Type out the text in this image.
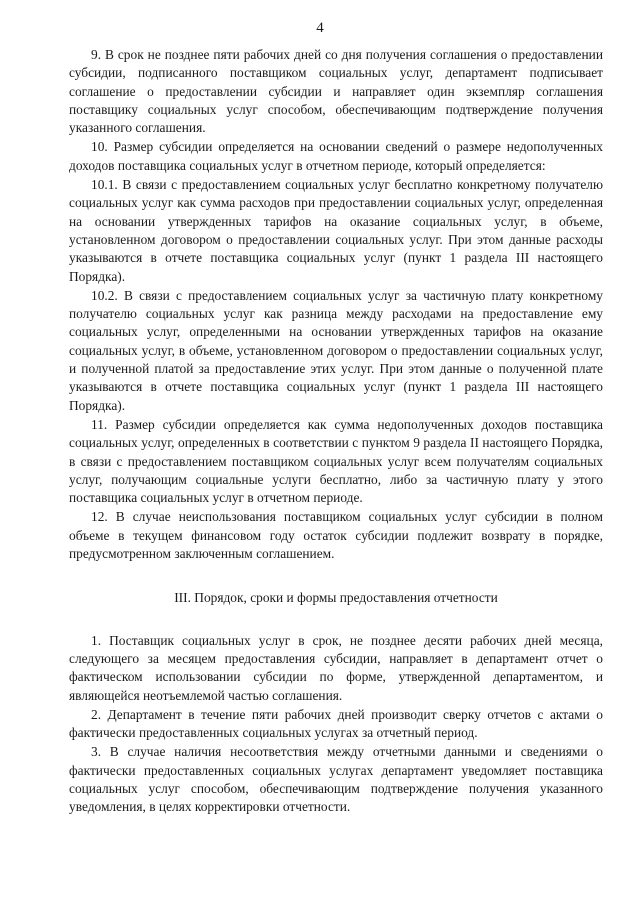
4

9. В срок не позднее пяти рабочих дней со дня получения соглашения о предоставлении субсидии, подписанного поставщиком социальных услуг, департамент подписывает соглашение о предоставлении субсидии и направляет один экземпляр соглашения поставщику социальных услуг способом, обеспечивающим подтверждение получения указанного соглашения.

10. Размер субсидии определяется на основании сведений о размере недополученных доходов поставщика социальных услуг в отчетном периоде, который определяется:

10.1. В связи с предоставлением социальных услуг бесплатно конкретному получателю социальных услуг как сумма расходов при предоставлении социальных услуг, определенная на основании утвержденных тарифов на оказание социальных услуг, в объеме, установленном договором о предоставлении социальных услуг. При этом данные расходы указываются в отчете поставщика социальных услуг (пункт 1 раздела III настоящего Порядка).

10.2. В связи с предоставлением социальных услуг за частичную плату конкретному получателю социальных услуг как разница между расходами на предоставление ему социальных услуг, определенными на основании утвержденных тарифов на оказание социальных услуг, в объеме, установленном договором о предоставлении социальных услуг, и полученной платой за предоставление этих услуг. При этом данные о полученной плате указываются в отчете поставщика социальных услуг (пункт 1 раздела III настоящего Порядка).

11. Размер субсидии определяется как сумма недополученных доходов поставщика социальных услуг, определенных в соответствии с пунктом 9 раздела II настоящего Порядка, в связи с предоставлением поставщиком социальных услуг всем получателям социальных услуг, получающим социальные услуги бесплатно, либо за частичную плату у этого поставщика социальных услуг в отчетном периоде.

12. В случае неиспользования поставщиком социальных услуг субсидии в полном объеме в текущем финансовом году остаток субсидии подлежит возврату в порядке, предусмотренном заключенным соглашением.

III. Порядок, сроки и формы предоставления отчетности

1. Поставщик социальных услуг в срок, не позднее десяти рабочих дней месяца, следующего за месяцем предоставления субсидии, направляет в департамент отчет о фактическом использовании субсидии по форме, утвержденной департаментом, и являющейся неотъемлемой частью соглашения.

2. Департамент в течение пяти рабочих дней производит сверку отчетов с актами о фактически предоставленных социальных услугах за отчетный период.

3. В случае наличия несоответствия между отчетными данными и сведениями о фактически предоставленных социальных услугах департамент уведомляет поставщика социальных услуг способом, обеспечивающим подтверждение получения указанного уведомления, в целях корректировки отчетности.
